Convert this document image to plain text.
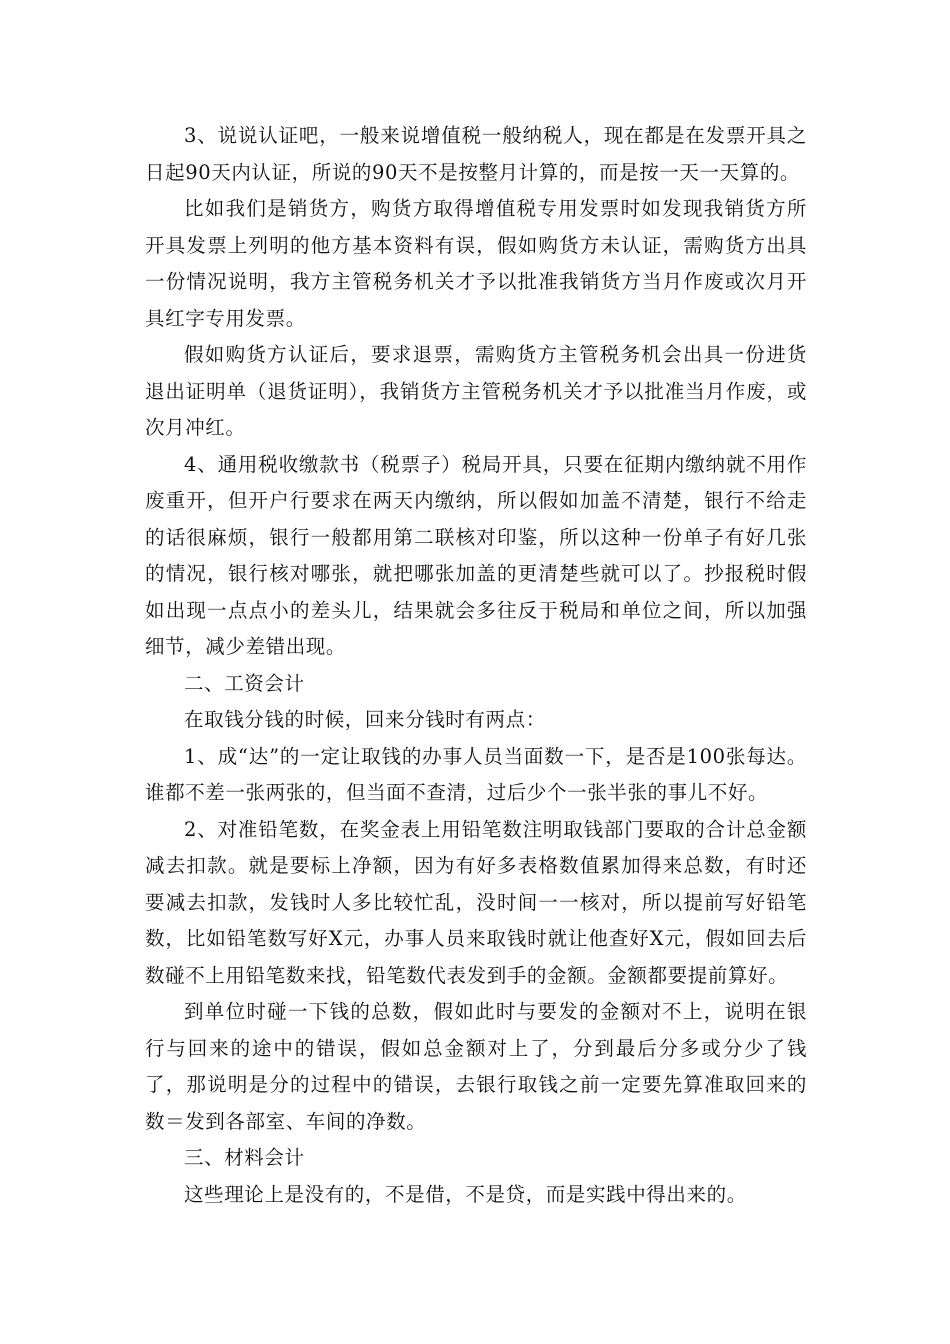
3、说说认证吧，一般来说增值税一般纳税人，现在都是在发票开具之日起90天内认证，所说的90天不是按整月计算的，而是按一天一天算的。

比如我们是销货方，购货方取得增值税专用发票时如发现我销货方所开具发票上列明的他方基本资料有误，假如购货方未认证，需购货方出具一份情况说明，我方主管税务机关才予以批准我销货方当月作废或次月开具红字专用发票。

假如购货方认证后，要求退票，需购货方主管税务机会出具一份进货退出证明单（退货证明），我销货方主管税务机关才予以批准当月作废，或次月冲红。

4、通用税收缴款书（税票子）税局开具，只要在征期内缴纳就不用作废重开，但开户行要求在两天内缴纳，所以假如加盖不清楚，银行不给走的话很麻烦，银行一般都用第二联核对印鉴，所以这种一份单子有好几张的情况，银行核对哪张，就把哪张加盖的更清楚些就可以了。抄报税时假如出现一点点小的差头儿，结果就会多往反于税局和单位之间，所以加强细节，减少差错出现。

二、工资会计

在取钱分钱的时候，回来分钱时有两点：

1、成“达”的一定让取钱的办事人员当面数一下，是否是100张每达。谁都不差一张两张的，但当面不查清，过后少个一张半张的事儿不好。

2、对准铅笔数，在奖金表上用铅笔数注明取钱部门要取的合计总金额减去扣款。就是要标上净额，因为有好多表格数值累加得来总数，有时还要减去扣款，发钱时人多比较忙乱，没时间一一核对，所以提前写好铅笔数，比如铅笔数写好X元，办事人员来取钱时就让他查好X元，假如回去后数碰不上用铅笔数来找，铅笔数代表发到手的金额。金额都要提前算好。

到单位时碰一下钱的总数，假如此时与要发的金额对不上，说明在银行与回来的途中的错误，假如总金额对上了，分到最后分多或分少了钱了，那说明是分的过程中的错误，去银行取钱之前一定要先算准取回来的数＝发到各部室、车间的净数。

三、材料会计

这些理论上是没有的，不是借，不是贷，而是实践中得出来的。
